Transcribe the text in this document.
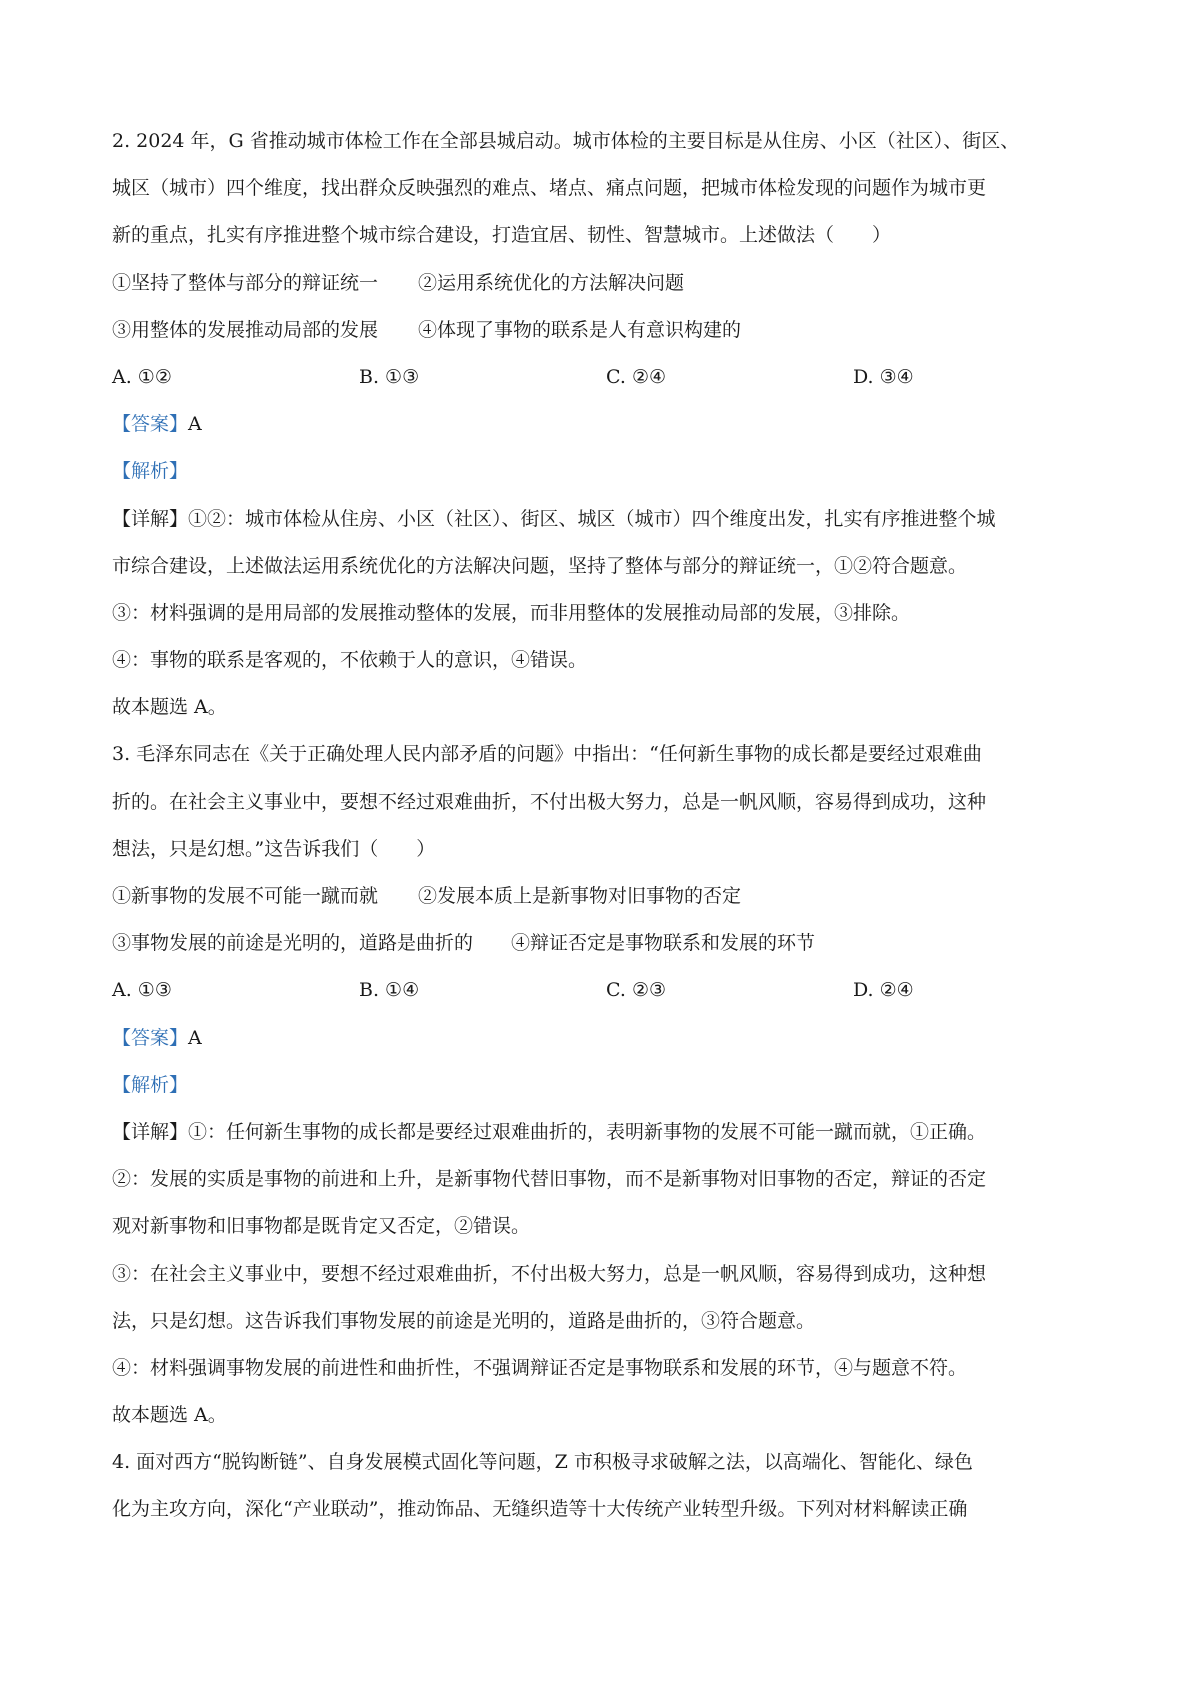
2. 2024 年，G 省推动城市体检工作在全部县城启动。城市体检的主要目标是从住房、小区（社区）、街区、
城区（城市）四个维度，找出群众反映强烈的难点、堵点、痛点问题，把城市体检发现的问题作为城市更
新的重点，扎实有序推进整个城市综合建设，打造宜居、韧性、智慧城市。上述做法（　　）
①坚持了整体与部分的辩证统一 ②运用系统优化的方法解决问题
③用整体的发展推动局部的发展 ④体现了事物的联系是人有意识构建的
A. ①②	B. ①③	C. ②④	D. ③④
【答案】A
【解析】
【详解】①②：城市体检从住房、小区（社区）、街区、城区（城市）四个维度出发，扎实有序推进整个城
市综合建设，上述做法运用系统优化的方法解决问题，坚持了整体与部分的辩证统一，①②符合题意。
③：材料强调的是用局部的发展推动整体的发展，而非用整体的发展推动局部的发展，③排除。
④：事物的联系是客观的，不依赖于人的意识，④错误。
故本题选 A。
3. 毛泽东同志在《关于正确处理人民内部矛盾的问题》中指出：“任何新生事物的成长都是要经过艰难曲
折的。在社会主义事业中，要想不经过艰难曲折，不付出极大努力，总是一帆风顺，容易得到成功，这种
想法，只是幻想。”这告诉我们（　　）
①新事物的发展不可能一蹴而就 ②发展本质上是新事物对旧事物的否定
③事物发展的前途是光明的，道路是曲折的 ④辩证否定是事物联系和发展的环节
A. ①③	B. ①④	C. ②③	D. ②④
【答案】A
【解析】
【详解】①：任何新生事物的成长都是要经过艰难曲折的，表明新事物的发展不可能一蹴而就，①正确。
②：发展的实质是事物的前进和上升，是新事物代替旧事物，而不是新事物对旧事物的否定，辩证的否定
观对新事物和旧事物都是既肯定又否定，②错误。
③：在社会主义事业中，要想不经过艰难曲折，不付出极大努力，总是一帆风顺，容易得到成功，这种想
法，只是幻想。这告诉我们事物发展的前途是光明的，道路是曲折的，③符合题意。
④：材料强调事物发展的前进性和曲折性，不强调辩证否定是事物联系和发展的环节，④与题意不符。
故本题选 A。
4. 面对西方“脱钩断链”、自身发展模式固化等问题，Z 市积极寻求破解之法，以高端化、智能化、绿色
化为主攻方向，深化“产业联动”，推动饰品、无缝织造等十大传统产业转型升级。下列对材料解读正确
